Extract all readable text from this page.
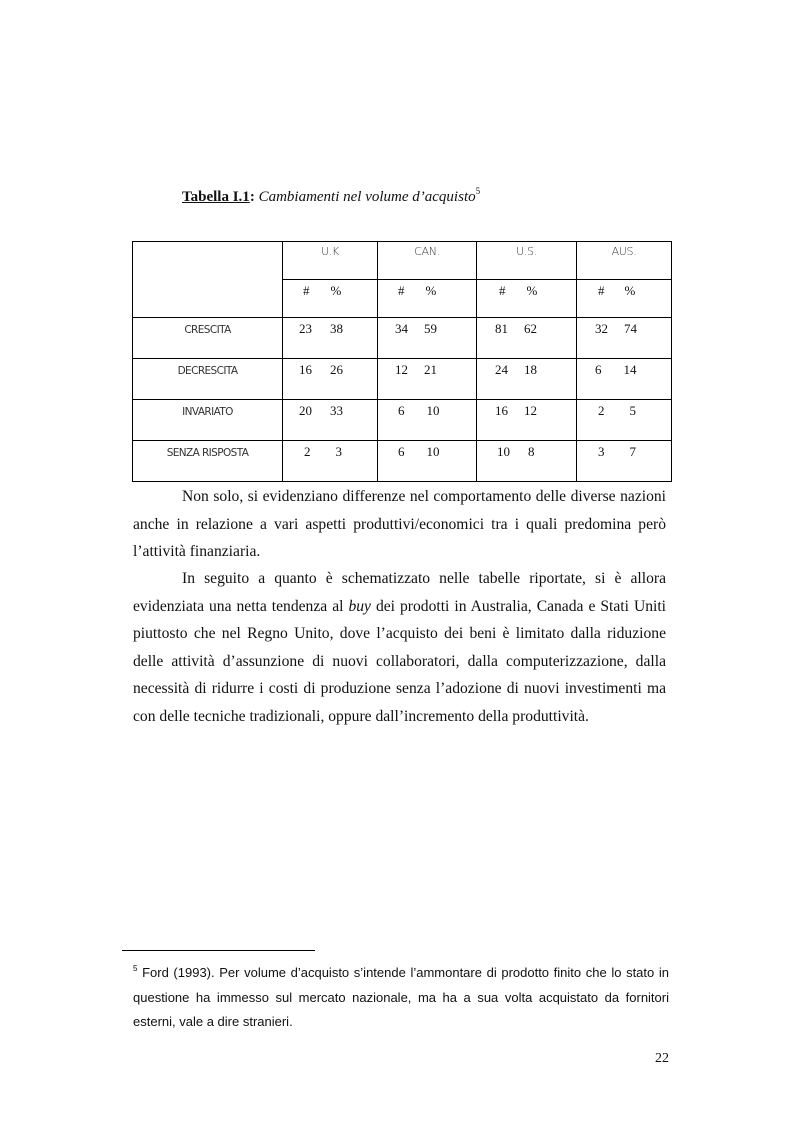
Tabella I.1: Cambiamenti nel volume d’acquisto$^5$
	U.K	CAN.	U.S.	AUS.
	# %	# %	# %	# %
CRESCITA	23 38	34 59	81 62	32 74
DECRESCITA	16 26	12 21	24 18	6 14
INVARIATO	20 33	6 10	16 12	2 5
SENZA RISPOSTA	2 3	6 10	10 8	3 7
Non solo, si evidenziano differenze nel comportamento delle diverse nazioni anche in relazione a vari aspetti produttivi/economici tra i quali predomina però l’attività finanziaria.
In seguito a quanto è schematizzato nelle tabelle riportate, si è allora evidenziata una netta tendenza al buy dei prodotti in Australia, Canada e Stati Uniti piuttosto che nel Regno Unito, dove l’acquisto dei beni è limitato dalla riduzione delle attività d’assunzione di nuovi collaboratori, dalla computerizzazione, dalla necessità di ridurre i costi di produzione senza l’adozione di nuovi investimenti ma con delle tecniche tradizionali, oppure dall’incremento della produttività.
$^5$ Ford (1993). Per volume d’acquisto s’intende l’ammontare di prodotto finito che lo stato in questione ha immesso sul mercato nazionale, ma ha a sua volta acquistato da fornitori esterni, vale a dire stranieri.
22
